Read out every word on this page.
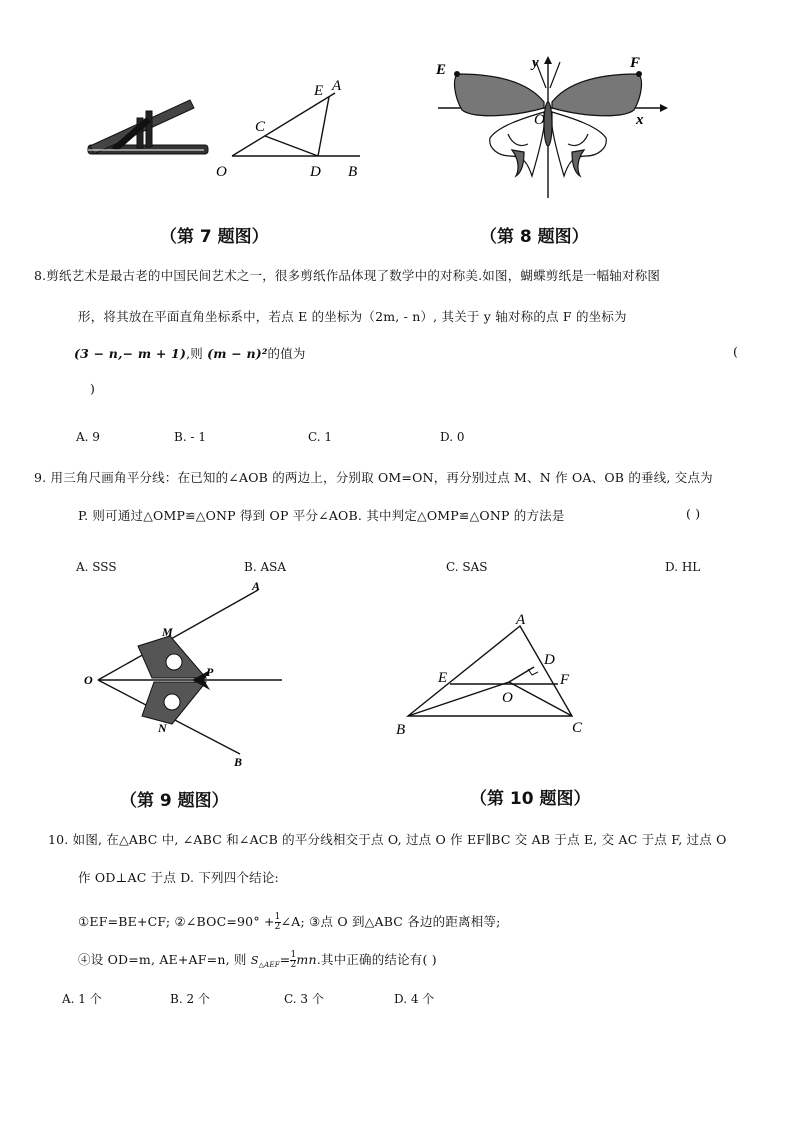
E A
C
O	D B
E	F
y
O	x
（第 7 题图）	（第 8 题图）
8.剪纸艺术是最古老的中国民间艺术之一，很多剪纸作品体现了数学中的对称美.如图，蝴蝶剪纸是一幅轴对称图
形，将其放在平面直角坐标系中，若点 E 的坐标为（2m, - n）, 其关于 y 轴对称的点 F 的坐标为
(3 − n,− m + 1),则 (m − n)²的值为	(
)
A. 9	B. - 1	C. 1	D. 0
9. 用三角尺画角平分线：在已知的∠AOB 的两边上，分别取 OM=ON，再分别过点 M、N 作 OA、OB 的垂线, 交点为
P. 则可通过△OMP≌△ONP 得到 OP 平分∠AOB. 其中判定△OMP≌△ONP 的方法是	( )
A. SSS	B. ASA	C. SAS	D. HL
A
M
O
P
N
B
A
D
E	F
O
B	C
（第 9 题图）	（第 10 题图）
10. 如图, 在△ABC 中, ∠ABC 和∠ACB 的平分线相交于点 O, 过点 O 作 EF∥BC 交 AB 于点 E, 交 AC 于点 F, 过点 O
作 OD⊥AC 于点 D. 下列四个结论:
①EF=BE+CF; ②∠BOC=90° + $\frac{1}{2}$ ∠A; ③点 O 到△ABC 各边的距离相等;
④设 OD=m, AE+AF=n, 则 $S_{\triangle AEF}= \frac{1}{2}$ mn.其中正确的结论有( )
A. 1 个	B. 2 个	C. 3 个	D. 4 个
